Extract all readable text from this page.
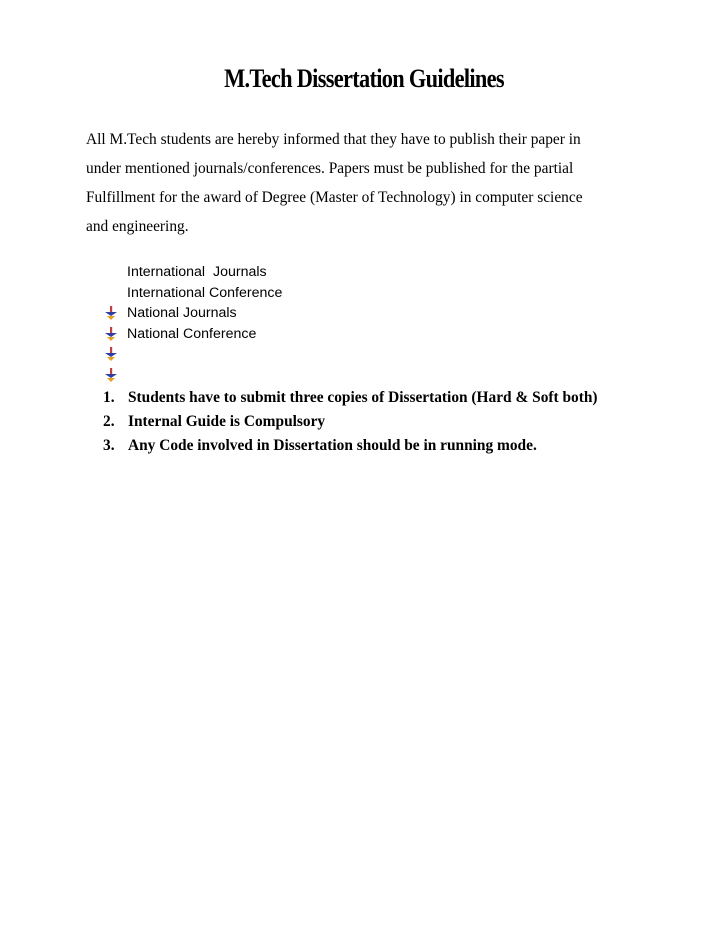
M.Tech Dissertation Guidelines

All M.Tech students are hereby informed that they have to publish their paper in
under mentioned journals/conferences. Papers must be published for the partial
Fulfillment for the award of Degree (Master of Technology) in computer science
and engineering.

International  Journals

International Conference

National Journals

National Conference
1. Students have to submit three copies of Dissertation (Hard & Soft both)
2. Internal Guide is Compulsory
3. Any Code involved in Dissertation should be in running mode.
